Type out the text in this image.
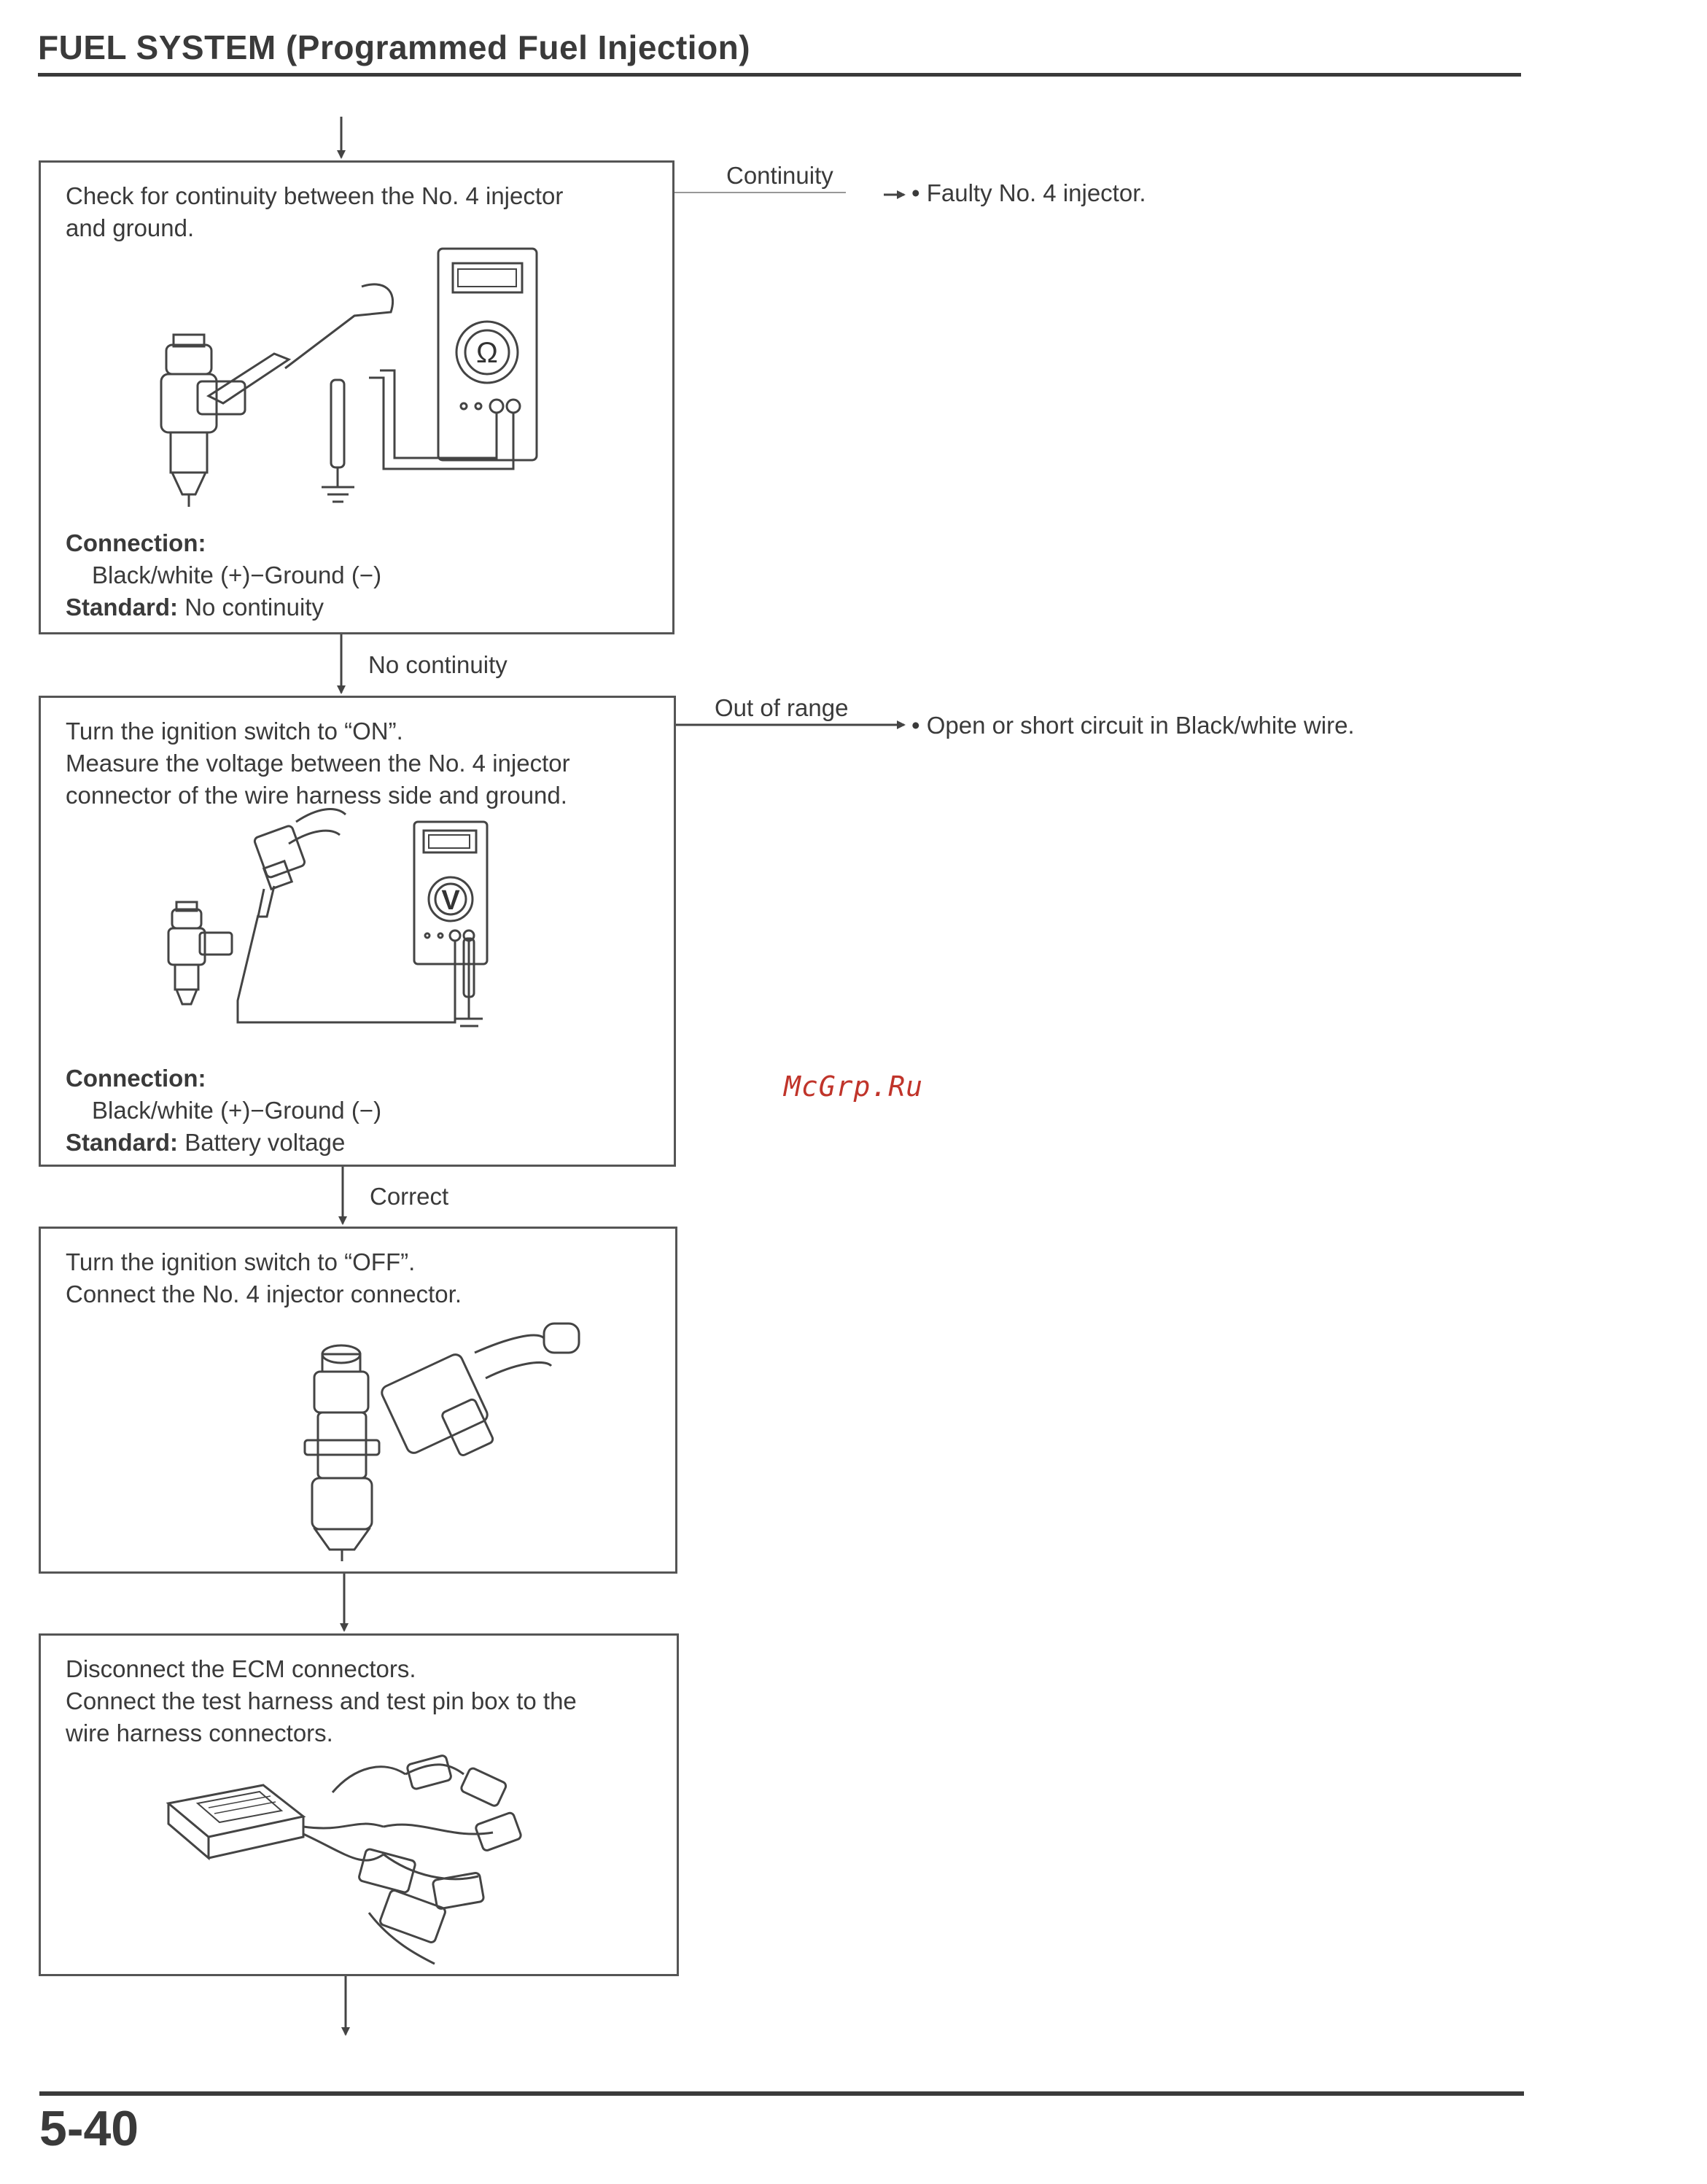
FUEL SYSTEM (Programmed Fuel Injection)

Check for continuity between the No. 4 injector

and ground.

Ω

Connection:

Black/white (+)−Ground (−)

Standard: No continuity

Continuity
• Faulty No. 4 injector.
No continuity

Turn the ignition switch to “ON”.

Measure the voltage between the No. 4 injector

connector of the wire harness side and ground.

V

Connection:

Black/white (+)−Ground (−)

Standard: Battery voltage

Out of range
• Open or short circuit in Black/white wire.
Correct

Turn the ignition switch to “OFF”.

Connect the No. 4 injector connector.

Disconnect the ECM connectors.

Connect the test harness and test pin box to the

wire harness connectors.

McGrp.Ru
5-40
